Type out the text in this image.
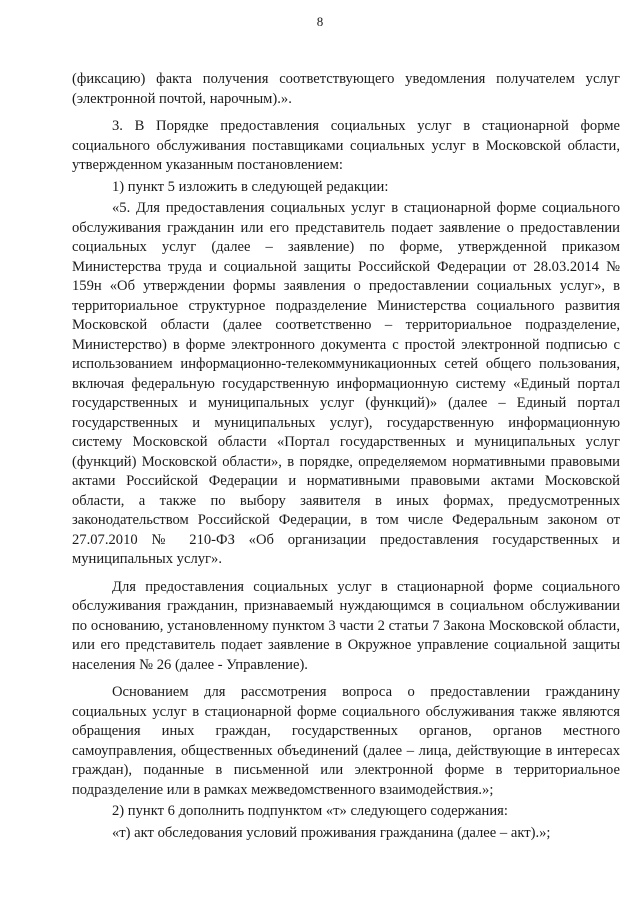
8

(фиксацию) факта получения соответствующего уведомления получателем услуг (электронной почтой, нарочным).».

3. В Порядке предоставления социальных услуг в стационарной форме социального обслуживания поставщиками социальных услуг в Московской области, утвержденном указанным постановлением:

1) пункт 5 изложить в следующей редакции:

«5. Для предоставления социальных услуг в стационарной форме социального обслуживания гражданин или его представитель подает заявление о предоставлении социальных услуг (далее – заявление) по форме, утвержденной приказом Министерства труда и социальной защиты Российской Федерации от 28.03.2014 № 159н «Об утверждении формы заявления о предоставлении социальных услуг», в территориальное структурное подразделение Министерства социального развития Московской области (далее соответственно – территориальное подразделение, Министерство) в форме электронного документа с простой электронной подписью с использованием информационно-телекоммуникационных сетей общего пользования, включая федеральную государственную информационную систему «Единый портал государственных и муниципальных услуг (функций)» (далее – Единый портал государственных и муниципальных услуг), государственную информационную систему Московской области «Портал государственных и муниципальных услуг (функций) Московской области», в порядке, определяемом нормативными правовыми актами Российской Федерации и нормативными правовыми актами Московской области, а также по выбору заявителя в иных формах, предусмотренных законодательством Российской Федерации, в том числе Федеральным законом от 27.07.2010 № 210-ФЗ «Об организации предоставления государственных и муниципальных услуг».

Для предоставления социальных услуг в стационарной форме социального обслуживания гражданин, признаваемый нуждающимся в социальном обслуживании по основанию, установленному пунктом 3 части 2 статьи 7 Закона Московской области, или его представитель подает заявление в Окружное управление социальной защиты населения № 26 (далее - Управление).

Основанием для рассмотрения вопроса о предоставлении гражданину социальных услуг в стационарной форме социального обслуживания также являются обращения иных граждан, государственных органов, органов местного самоуправления, общественных объединений (далее – лица, действующие в интересах граждан), поданные в письменной или электронной форме в территориальное подразделение или в рамках межведомственного взаимодействия.»;

2) пункт 6 дополнить подпунктом «т» следующего содержания:

«т) акт обследования условий проживания гражданина (далее – акт).»;
